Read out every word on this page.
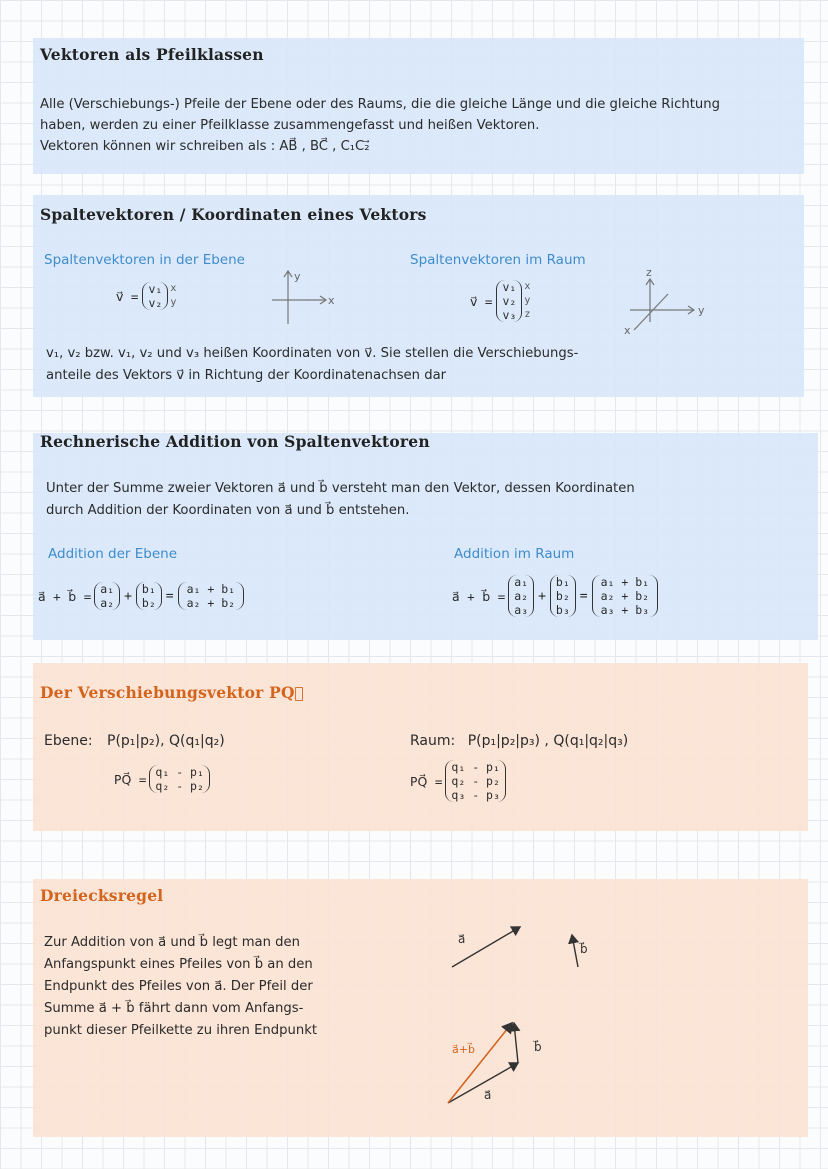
Vektoren als Pfeilklassen
Alle (Verschiebungs-) Pfeile der Ebene oder des Raums, die die gleiche Länge und die gleiche Richtung
haben, werden zu einer Pfeilklasse zusammengefasst und heißen Vektoren.
Vektoren können wir schreiben als : AB⃗ , BC⃗ , C₁C₂⃗
Spaltevektoren / Koordinaten eines Vektors
Spaltenvektoren in der Ebene	Spaltenvektoren im Raum
v⃗ = v₁
v₂
x
y
y
x	v⃗ =
v₁
v₂
v₃
x
y
z
z
y
x
v₁, v₂ bzw. v₁, v₂ und v₃ heißen Koordinaten von v⃗. Sie stellen die Verschiebungs-
anteile des Vektors v⃗ in Richtung der Koordinatenachsen dar
Rechnerische Addition von Spaltenvektoren
Unter der Summe zweier Vektoren a⃗ und b⃗ versteht man den Vektor, dessen Koordinaten
durch Addition der Koordinaten von a⃗ und b⃗ entstehen.
Addition der Ebene	Addition im Raum
a⃗ + b⃗ = a₁
a₂ + b₁
b₂ =	a₁ + b₁
a₂ + b₂	a⃗ + b⃗ =
a₁
a₂
a₃
+
b₁
b₂
b₃
=
a₁ + b₁
a₂ + b₂
a₃ + b₃
Der Verschiebungsvektor PQ⃗
Ebene: P(p₁|p₂), Q(q₁|q₂)	Raum: P(p₁|p₂|p₃) , Q(q₁|q₂|q₃)
PQ⃗ = q₁ - p₁
q₂ - p₂	PQ⃗ =
q₁ - p₁
q₂ - p₂
q₃ - p₃
Dreiecksregel
Zur Addition von a⃗ und b⃗ legt man den
Anfangspunkt eines Pfeiles von b⃗ an den
Endpunkt des Pfeiles von a⃗. Der Pfeil der
Summe a⃗ + b⃗ fährt dann vom Anfangs-
punkt dieser Pfeilkette zu ihren Endpunkt
a⃗
b⃗
a⃗+b⃗
a⃗
b⃗
